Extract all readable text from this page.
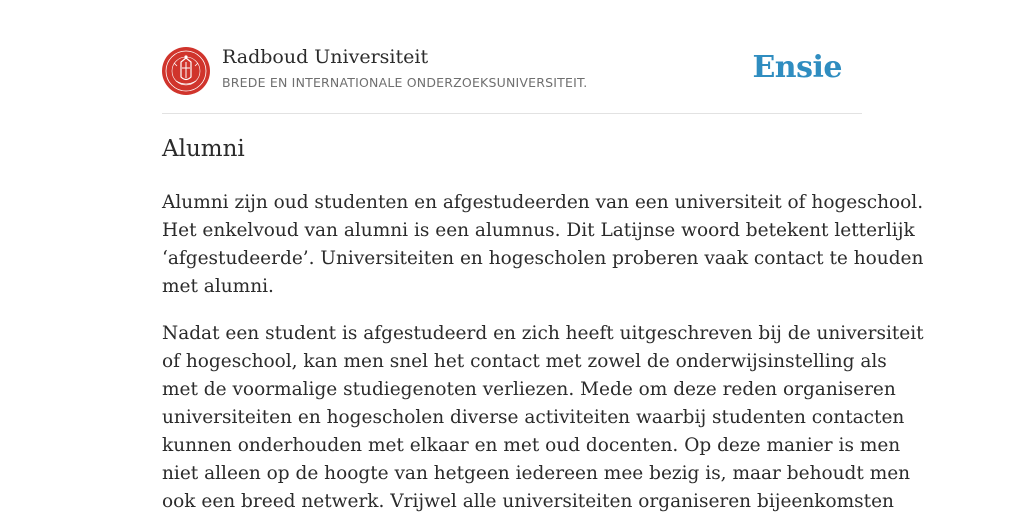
Radboud Universiteit
BREDE EN INTERNATIONALE ONDERZOEKSUNIVERSITEIT.	Ensie
Alumni
Alumni zijn oud studenten en afgestudeerden van een universiteit of hogeschool.
Het enkelvoud van alumni is een alumnus. Dit Latijnse woord betekent letterlijk
‘afgestudeerde’. Universiteiten en hogescholen proberen vaak contact te houden
met alumni.
Nadat een student is afgestudeerd en zich heeft uitgeschreven bij de universiteit
of hogeschool, kan men snel het contact met zowel de onderwijsinstelling als
met de voormalige studiegenoten verliezen. Mede om deze reden organiseren
universiteiten en hogescholen diverse activiteiten waarbij studenten contacten
kunnen onderhouden met elkaar en met oud docenten. Op deze manier is men
niet alleen op de hoogte van hetgeen iedereen mee bezig is, maar behoudt men
ook een breed netwerk. Vrijwel alle universiteiten organiseren bijeenkomsten
